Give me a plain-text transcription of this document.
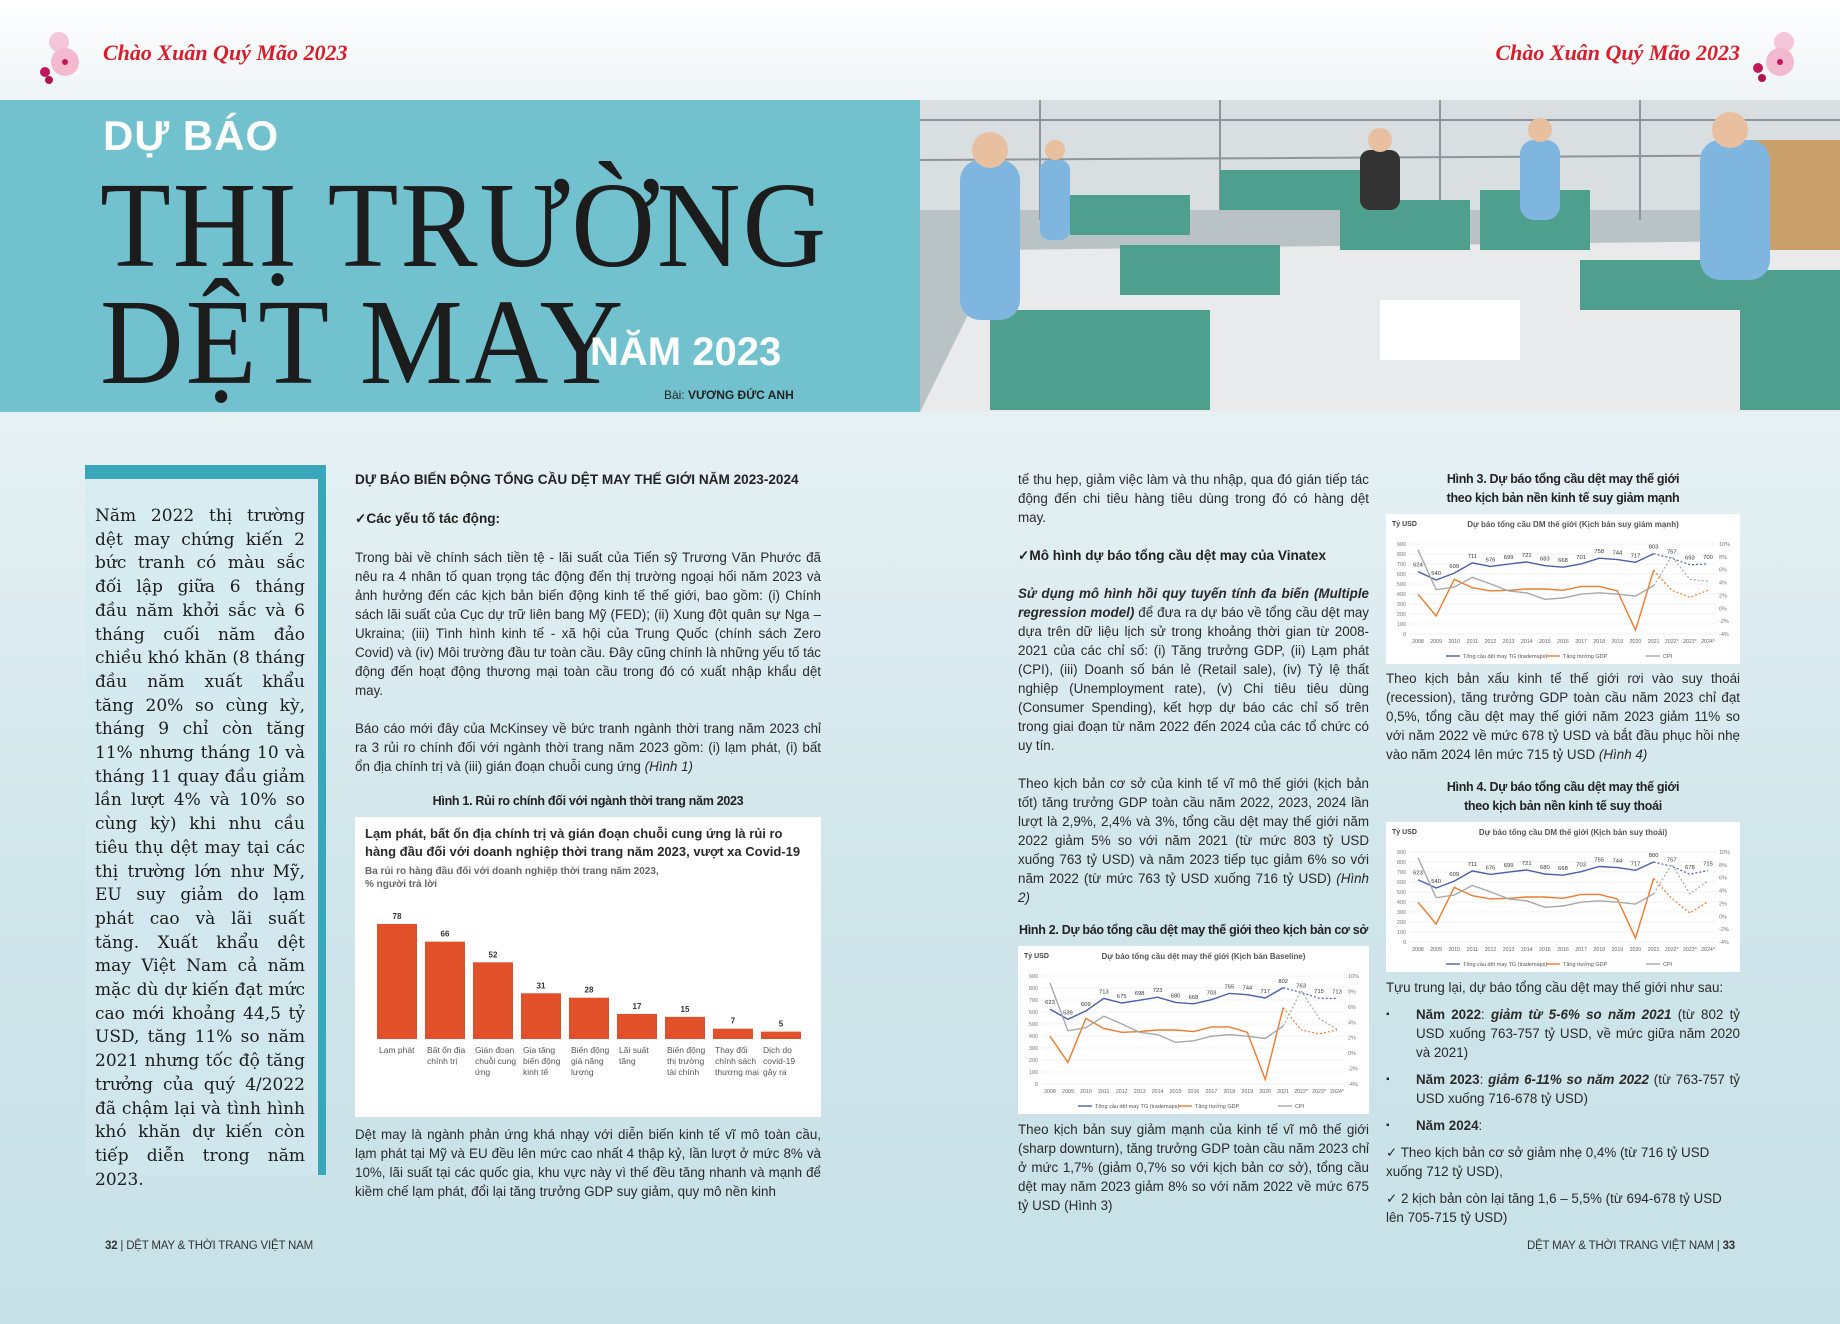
Chào Xuân Quý Mão 2023	Chào Xuân Quý Mão 2023
DỰ BÁO
THỊ TRƯỜNG
DỆT MAY
NĂM 2023
Bài: VƯƠNG ĐỨC ANH

Năm 2022 thị trường dệt may chứng kiến 2 bức tranh có màu sắc đối lập giữa 6 tháng đầu năm khởi sắc và 6 tháng cuối năm đảo chiều khó khăn (8 tháng đầu năm xuất khẩu tăng 20% so cùng kỳ, tháng 9 chỉ còn tăng 11% nhưng tháng 10 và tháng 11 quay đầu giảm lần lượt 4% và 10% so cùng kỳ) khi nhu cầu tiêu thụ dệt may tại các thị trường lớn như Mỹ, EU suy giảm do lạm phát cao và lãi suất tăng. Xuất khẩu dệt may Việt Nam cả năm mặc dù dự kiến đạt mức cao mới khoảng 44,5 tỷ USD, tăng 11% so năm 2021 nhưng tốc độ tăng trưởng của quý 4/2022 đã chậm lại và tình hình khó khăn dự kiến còn tiếp diễn trong năm 2023.

DỰ BÁO BIẾN ĐỘNG TỔNG CẦU DỆT MAY THẾ GIỚI NĂM 2023-2024

✓Các yếu tố tác động:

Trong bài về chính sách tiền tệ - lãi suất của Tiến sỹ Trương Văn Phước đã nêu ra 4 nhân tố quan trọng tác động đến thị trường ngoại hối năm 2023 và ảnh hưởng đến các kịch bản biến động kinh tế thế giới, bao gồm: (i) Chính sách lãi suất của Cục dự trữ liên bang Mỹ (FED); (ii) Xung đột quân sự Nga – Ukraina; (iii) Tình hình kinh tế - xã hội của Trung Quốc (chính sách Zero Covid) và (iv) Môi trường đầu tư toàn cầu. Đây cũng chính là những yếu tố tác động đến hoạt động thương mại toàn cầu trong đó có xuất nhập khẩu dệt may.

Báo cáo mới đây của McKinsey về bức tranh ngành thời trang năm 2023 chỉ ra 3 rủi ro chính đối với ngành thời trang năm 2023 gồm: (i) lạm phát, (i) bất ổn địa chính trị và (iii) gián đoạn chuỗi cung ứng (Hình 1)

Hình 1. Rủi ro chính đối với ngành thời trang năm 2023
Lạm phát, bất ổn địa chính trị và gián đoạn chuỗi cung ứng là rủi ro hàng đầu đối với doanh nghiệp thời trang năm 2023, vượt xa Covid-19
Ba rủi ro hàng đầu đối với doanh nghiệp thời trang năm 2023,
% người trả lời
78
Lạm phát
66
Bất ổn địa
chính trị
52
Gián đoạn
chuỗi cung
ứng
31
Gia tăng
biến động
kinh tế
28
Biến động
giá năng
lượng
17
Lãi suất
tăng
15
Biến động
thị trường
tài chính
7
Thay đổi
chính sách
thương mại
5
Dịch do
covid-19
gây ra

Dệt may là ngành phản ứng khá nhạy với diễn biến kinh tế vĩ mô toàn cầu, lạm phát tại Mỹ và EU đều lên mức cao nhất 4 thập kỷ, lần lượt ở mức 8% và 10%, lãi suất tại các quốc gia, khu vực này vì thế đều tăng nhanh và mạnh để kiềm chế lạm phát, đổi lại tăng trưởng GDP suy giảm, quy mô nền kinh

tế thu hẹp, giảm việc làm và thu nhập, qua đó gián tiếp tác động đến chi tiêu hàng tiêu dùng trong đó có hàng dệt may.

✓Mô hình dự báo tổng cầu dệt may của Vinatex

Sử dụng mô hình hồi quy tuyến tính đa biến (Multiple regression model) để đưa ra dự báo về tổng cầu dệt may dựa trên dữ liệu lịch sử trong khoảng thời gian từ 2008-2021 của các chỉ số: (i) Tăng trưởng GDP, (ii) Lạm phát (CPI), (iii) Doanh số bán lẻ (Retail sale), (iv) Tỷ lệ thất nghiệp (Unemployment rate), (v) Chi tiêu tiêu dùng (Consumer Spending), kết hợp dự báo các chỉ số trên trong giai đoạn từ năm 2022 đến 2024 của các tổ chức có uy tín.

Theo kịch bản cơ sở của kinh tế vĩ mô thế giới (kịch bản tốt) tăng trưởng GDP toàn cầu năm 2022, 2023, 2024 lần lượt là 2,9%, 2,4% và 3%, tổng cầu dệt may thế giới năm 2022 giảm 5% so với năm 2021 (từ mức 803 tỷ USD xuống 763 tỷ USD) và năm 2023 tiếp tục giảm 6% so với năm 2022 (từ mức 763 tỷ USD xuống 716 tỷ USD) (Hình 2)

Hình 2. Dự báo tổng cầu dệt may thế giới theo kịch bản cơ sở
Tỷ USD	Dự báo tổng cầu dệt may thế giới (Kịch bản Baseline)
0
100
200
300
400
500
600
700
800
900
-4%
-2%
0%
2%
4%
6%
8%
10%
2008 2009 2010 2011 2012 2013 2014 2015 2016 2017 2018 2019 2020 2021 2022* 2023* 2024*
623
539
609
713
675 698 723
680 668
703
755 744
717
802
763
715 713
Tổng cầu dệt may TG (trademaps)	Tăng trưởng GDP	CPI

Theo kịch bản suy giảm mạnh của kinh tế vĩ mô thế giới (sharp downturn), tăng trưởng GDP toàn cầu năm 2023 chỉ ở mức 1,7% (giảm 0,7% so với kịch bản cơ sở), tổng cầu dệt may năm 2023 giảm 8% so với năm 2022 về mức 675 tỷ USD (Hình 3)

Hình 3. Dự báo tổng cầu dệt may thế giới
theo kịch bản nền kinh tế suy giảm mạnh
Tỷ USD	Dự báo tổng cầu DM thế giới (Kịch bản suy giảm mạnh)
0
100
200
300
400
500
600
700
800
900
-4%
-2%
0%
2%
4%
6%
8%
10%
2008 2009 2010 2011 2012 2013 2014 2015 2016 2017 2018 2019 2020 2021 2022* 2023* 2024*
624
540
609
711
676 699 721
683 668
701
758 744 717
803
757
693 700
Tổng cầu dệt may TG (trademaps)	Tăng trưởng GDP	CPI

Theo kịch bản xấu kinh tế thế giới rơi vào suy thoái (recession), tăng trưởng GDP toàn cầu năm 2023 chỉ đạt 0,5%, tổng cầu dệt may thế giới năm 2023 giảm 11% so với năm 2022 về mức 678 tỷ USD và bắt đầu phục hồi nhẹ vào năm 2024 lên mức 715 tỷ USD (Hình 4)

Hình 4. Dự báo tổng cầu dệt may thế giới
theo kịch bản nền kinh tế suy thoái
Tỷ USD	Dự báo tổng cầu DM thế giới (Kịch bản suy thoái)
0
100
200
300
400
500
600
700
800
900
-4%
-2%
0%
2%
4%
6%
8%
10%
2008 2009 2010 2011 2012 2013 2014 2015 2016 2017 2018 2019 2020 2021 2022* 2023* 2024*
623
540
609
711
676 699 721
680 668
703
755 744 717
800
757
678
715
Tổng cầu dệt may TG (trademaps)	Tăng trưởng GDP	CPI

Tựu trung lại, dự báo tổng cầu dệt may thế giới như sau:

▪ Năm 2022: giảm từ 5-6% so năm 2021 (từ 802 tỷ USD xuống 763-757 tỷ USD, về mức giữa năm 2020 và 2021)
▪ Năm 2023: giảm 6-11% so năm 2022 (từ 763-757 tỷ USD xuống 716-678 tỷ USD)
▪ Năm 2024:

✓ Theo kịch bản cơ sở giảm nhẹ 0,4% (từ 716 tỷ USD xuống 712 tỷ USD),

✓ 2 kịch bản còn lại tăng 1,6 – 5,5% (từ 694-678 tỷ USD lên 705-715 tỷ USD)

32 | DỆT MAY & THỜI TRANG VIỆT NAM	DỆT MAY & THỜI TRANG VIỆT NAM | 33
